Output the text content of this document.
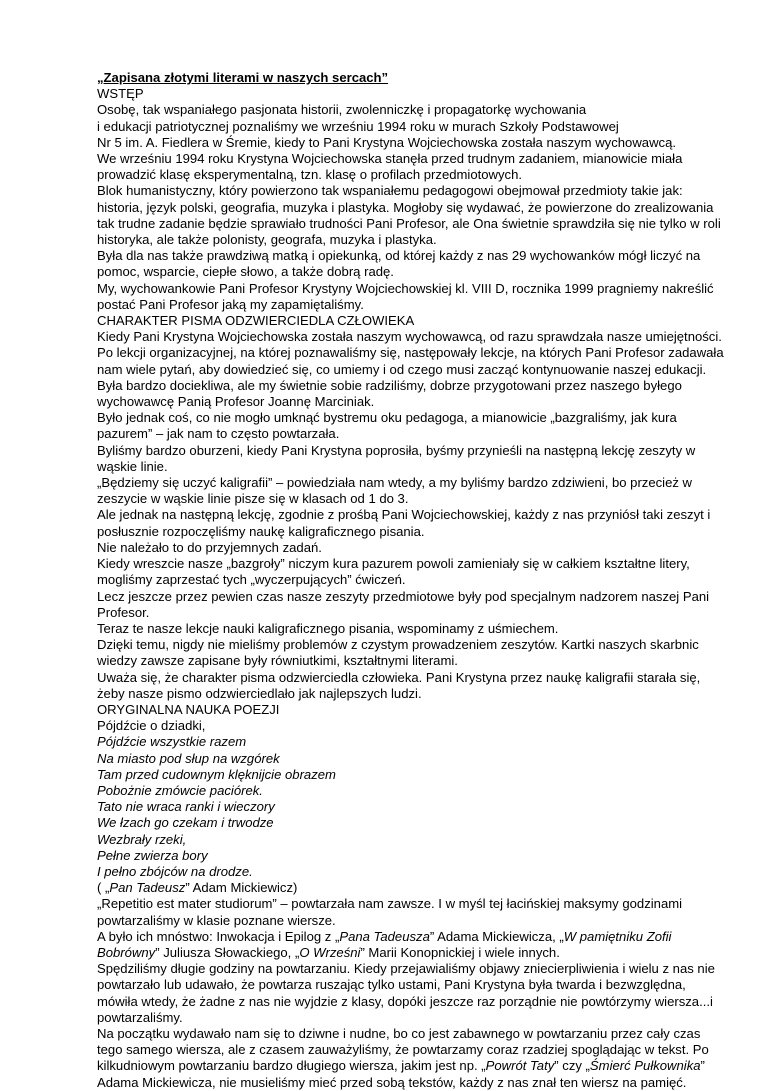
„Zapisana złotymi literami w naszych sercach”

WSTĘP

Osobę, tak wspaniałego pasjonata historii, zwolenniczkę i propagatorkę wychowania

i edukacji patriotycznej poznaliśmy we wrześniu 1994 roku w murach Szkoły Podstawowej

Nr 5 im. A. Fiedlera w Śremie, kiedy to Pani Krystyna Wojciechowska została naszym wychowawcą.

We wrześniu 1994 roku Krystyna Wojciechowska stanęła przed trudnym zadaniem, mianowicie miała

prowadzić klasę eksperymentalną, tzn. klasę o profilach przedmiotowych.

Blok humanistyczny, który powierzono tak wspaniałemu pedagogowi obejmował przedmioty takie jak:

historia, język polski, geografia, muzyka i plastyka. Mogłoby się wydawać, że powierzone do zrealizowania

tak trudne zadanie będzie sprawiało trudności Pani Profesor, ale Ona świetnie sprawdziła się nie tylko w roli

historyka, ale także polonisty, geografa, muzyka i plastyka.

Była dla nas także prawdziwą matką i opiekunką, od której każdy z nas 29 wychowanków mógł liczyć na

pomoc, wsparcie, ciepłe słowo, a także dobrą radę.

My, wychowankowie Pani Profesor Krystyny Wojciechowskiej kl. VIII D, rocznika 1999 pragniemy nakreślić

postać Pani Profesor jaką my zapamiętaliśmy.

CHARAKTER PISMA ODZWIERCIEDLA CZŁOWIEKA

Kiedy Pani Krystyna Wojciechowska została naszym wychowawcą, od razu sprawdzała nasze umiejętności.

Po lekcji organizacyjnej, na której poznawaliśmy się, następowały lekcje, na których Pani Profesor zadawała

nam wiele pytań, aby dowiedzieć się, co umiemy i od czego musi zacząć kontynuowanie naszej edukacji.

Była bardzo dociekliwa, ale my świetnie sobie radziliśmy, dobrze przygotowani przez naszego byłego

wychowawcę Panią Profesor Joannę Marciniak.

Było jednak coś, co nie mogło umknąć bystremu oku pedagoga, a mianowicie „bazgraliśmy, jak kura

pazurem” – jak nam to często powtarzała.

Byliśmy bardzo oburzeni, kiedy Pani Krystyna poprosiła, byśmy przynieśli na następną lekcję zeszyty w

wąskie linie.

„Będziemy się uczyć kaligrafii” – powiedziała nam wtedy, a my byliśmy bardzo zdziwieni, bo przecież w

zeszycie w wąskie linie pisze się w klasach od 1 do 3.

Ale jednak na następną lekcję, zgodnie z prośbą Pani Wojciechowskiej, każdy z nas przyniósł taki zeszyt i

posłusznie rozpoczęliśmy naukę kaligraficznego pisania.

Nie należało to do przyjemnych zadań.

Kiedy wreszcie nasze „bazgroły” niczym kura pazurem powoli zamieniały się w całkiem kształtne litery,

mogliśmy zaprzestać tych „wyczerpujących” ćwiczeń.

Lecz jeszcze przez pewien czas nasze zeszyty przedmiotowe były pod specjalnym nadzorem naszej Pani

Profesor.

Teraz te nasze lekcje nauki kaligraficznego pisania, wspominamy z uśmiechem.

Dzięki temu, nigdy nie mieliśmy problemów z czystym prowadzeniem zeszytów. Kartki naszych skarbnic

wiedzy zawsze zapisane były równiutkimi, kształtnymi literami.

Uważa się, że charakter pisma odzwierciedla człowieka. Pani Krystyna przez naukę kaligrafii starała się,

żeby nasze pismo odzwierciedlało jak najlepszych ludzi.

ORYGINALNA NAUKA POEZJI

Pójdźcie o dziadki,

Pójdźcie wszystkie razem

Na miasto pod słup na wzgórek

Tam przed cudownym klęknijcie obrazem

Pobożnie zmówcie paciórek.

Tato nie wraca ranki i wieczory

We łzach go czekam i trwodze

Wezbrały rzeki,

Pełne zwierza bory

I pełno zbójców na drodze.

( „Pan Tadeusz” Adam Mickiewicz)

„Repetitio est mater studiorum” – powtarzała nam zawsze. I w myśl tej łacińskiej maksymy godzinami

powtarzaliśmy w klasie poznane wiersze.

A było ich mnóstwo: Inwokacja i Epilog z „Pana Tadeusza” Adama Mickiewicza, „W pamiętniku Zofii

Bobrówny” Juliusza Słowackiego, „O Wrześni” Marii Konopnickiej i wiele innych.

Spędziliśmy długie godziny na powtarzaniu. Kiedy przejawialiśmy objawy zniecierpliwienia i wielu z nas nie

powtarzało lub udawało, że powtarza ruszając tylko ustami, Pani Krystyna była twarda i bezwzględna,

mówiła wtedy, że żadne z nas nie wyjdzie z klasy, dopóki jeszcze raz porządnie nie powtórzymy wiersza...i

powtarzaliśmy.

Na początku wydawało nam się to dziwne i nudne, bo co jest zabawnego w powtarzaniu przez cały czas

tego samego wiersza, ale z czasem zauważyliśmy, że powtarzamy coraz rzadziej spoglądając w tekst. Po

kilkudniowym powtarzaniu bardzo długiego wiersza, jakim jest np. „Powrót Taty” czy „Śmierć Pułkownika”

Adama Mickiewicza, nie musieliśmy mieć przed sobą tekstów, każdy z nas znał ten wiersz na pamięć.
